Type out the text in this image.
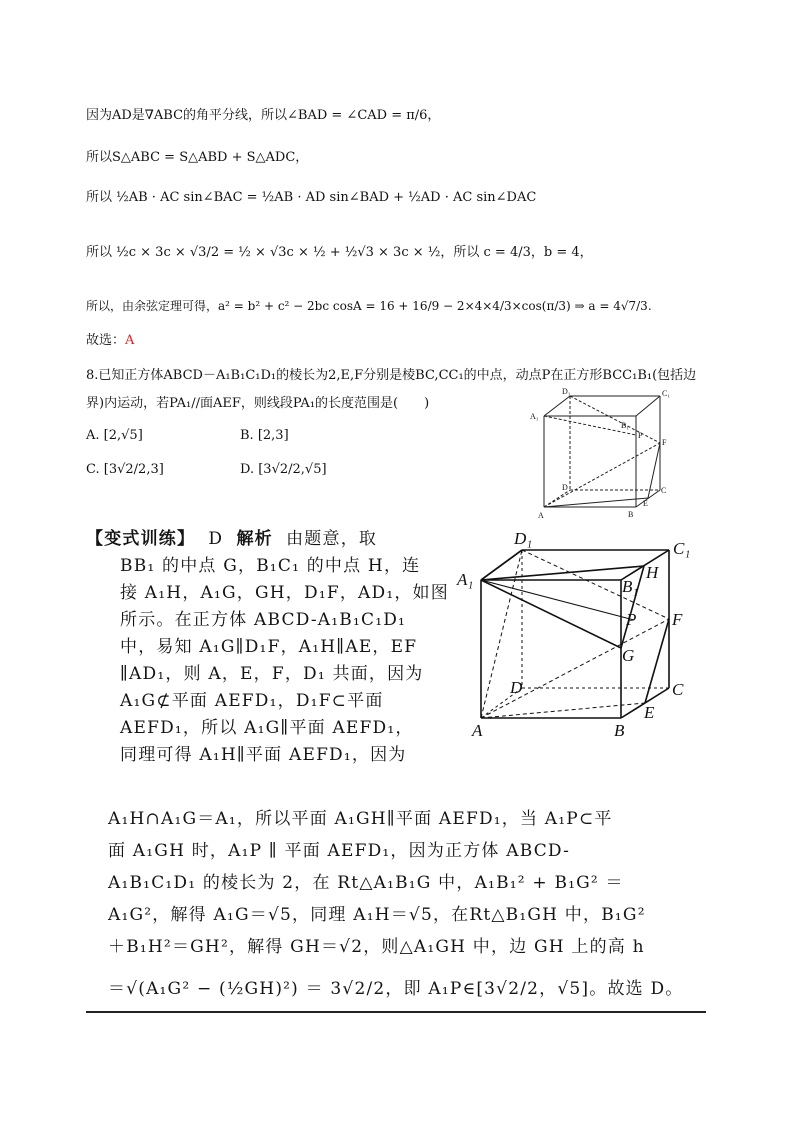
因为AD是∇ABC的角平分线，所以∠BAD = ∠CAD = π/6，
所以S△ABC = S△ABD + S△ADC，
所以 ½AB · AC sin∠BAC = ½AB · AD sin∠BAD + ½AD · AC sin∠DAC
所以 ½c × 3c × √3/2 = ½ × √3c × ½ + ½√3 × 3c × ½，所以 c = 4/3，b = 4，
所以，由余弦定理可得，a² = b² + c² − 2bc cosA = 16 + 16/9 − 2×4×4/3×cos(π/3) ⇒ a = 4√7/3.
故选：A
8.已知正方体ABCD－A₁B₁C₁D₁的棱长为2,E,F分别是棱BC,CC₁的中点，动点P在正方形BCC₁B₁(包括边
界)内运动，若PA₁//面AEF，则线段PA₁的长度范围是(　　)
A. [2,√5]	B. [2,3]
C. [3√2/2,3]	D. [3√2/2,√5]
D₁	C₁
A₁
B₁
P
F
D	C
A	B
E
【变式训练】 D 解析 由题意，取
BB₁ 的中点 G，B₁C₁ 的中点 H，连
接 A₁H，A₁G，GH，D₁F，AD₁，如图
所示。在正方体 ABCD-A₁B₁C₁D₁
中，易知 A₁G∥D₁F，A₁H∥AE，EF
∥AD₁，则 A，E，F，D₁ 共面，因为
A₁G⊄平面 AEFD₁，D₁F⊂平面
AEFD₁，所以 A₁G∥平面 AEFD₁，
同理可得 A₁H∥平面 AEFD₁，因为
D₁
C₁
A₁	H
B₁
F
P
G
D	C
E
A	B
A₁H∩A₁G＝A₁，所以平面 A₁GH∥平面 AEFD₁，当 A₁P⊂平
面 A₁GH 时，A₁P ∥ 平面 AEFD₁，因为正方体 ABCD-
A₁B₁C₁D₁ 的棱长为 2，在 Rt△A₁B₁G 中，A₁B₁² + B₁G² ＝
A₁G²，解得 A₁G＝√5，同理 A₁H＝√5，在Rt△B₁GH 中，B₁G²
＋B₁H²＝GH²，解得 GH＝√2，则△A₁GH 中，边 GH 上的高 h
＝√(A₁G² − (½GH)²) ＝ 3√2/2，即 A₁P∈[3√2/2，√5]。故选 D。
